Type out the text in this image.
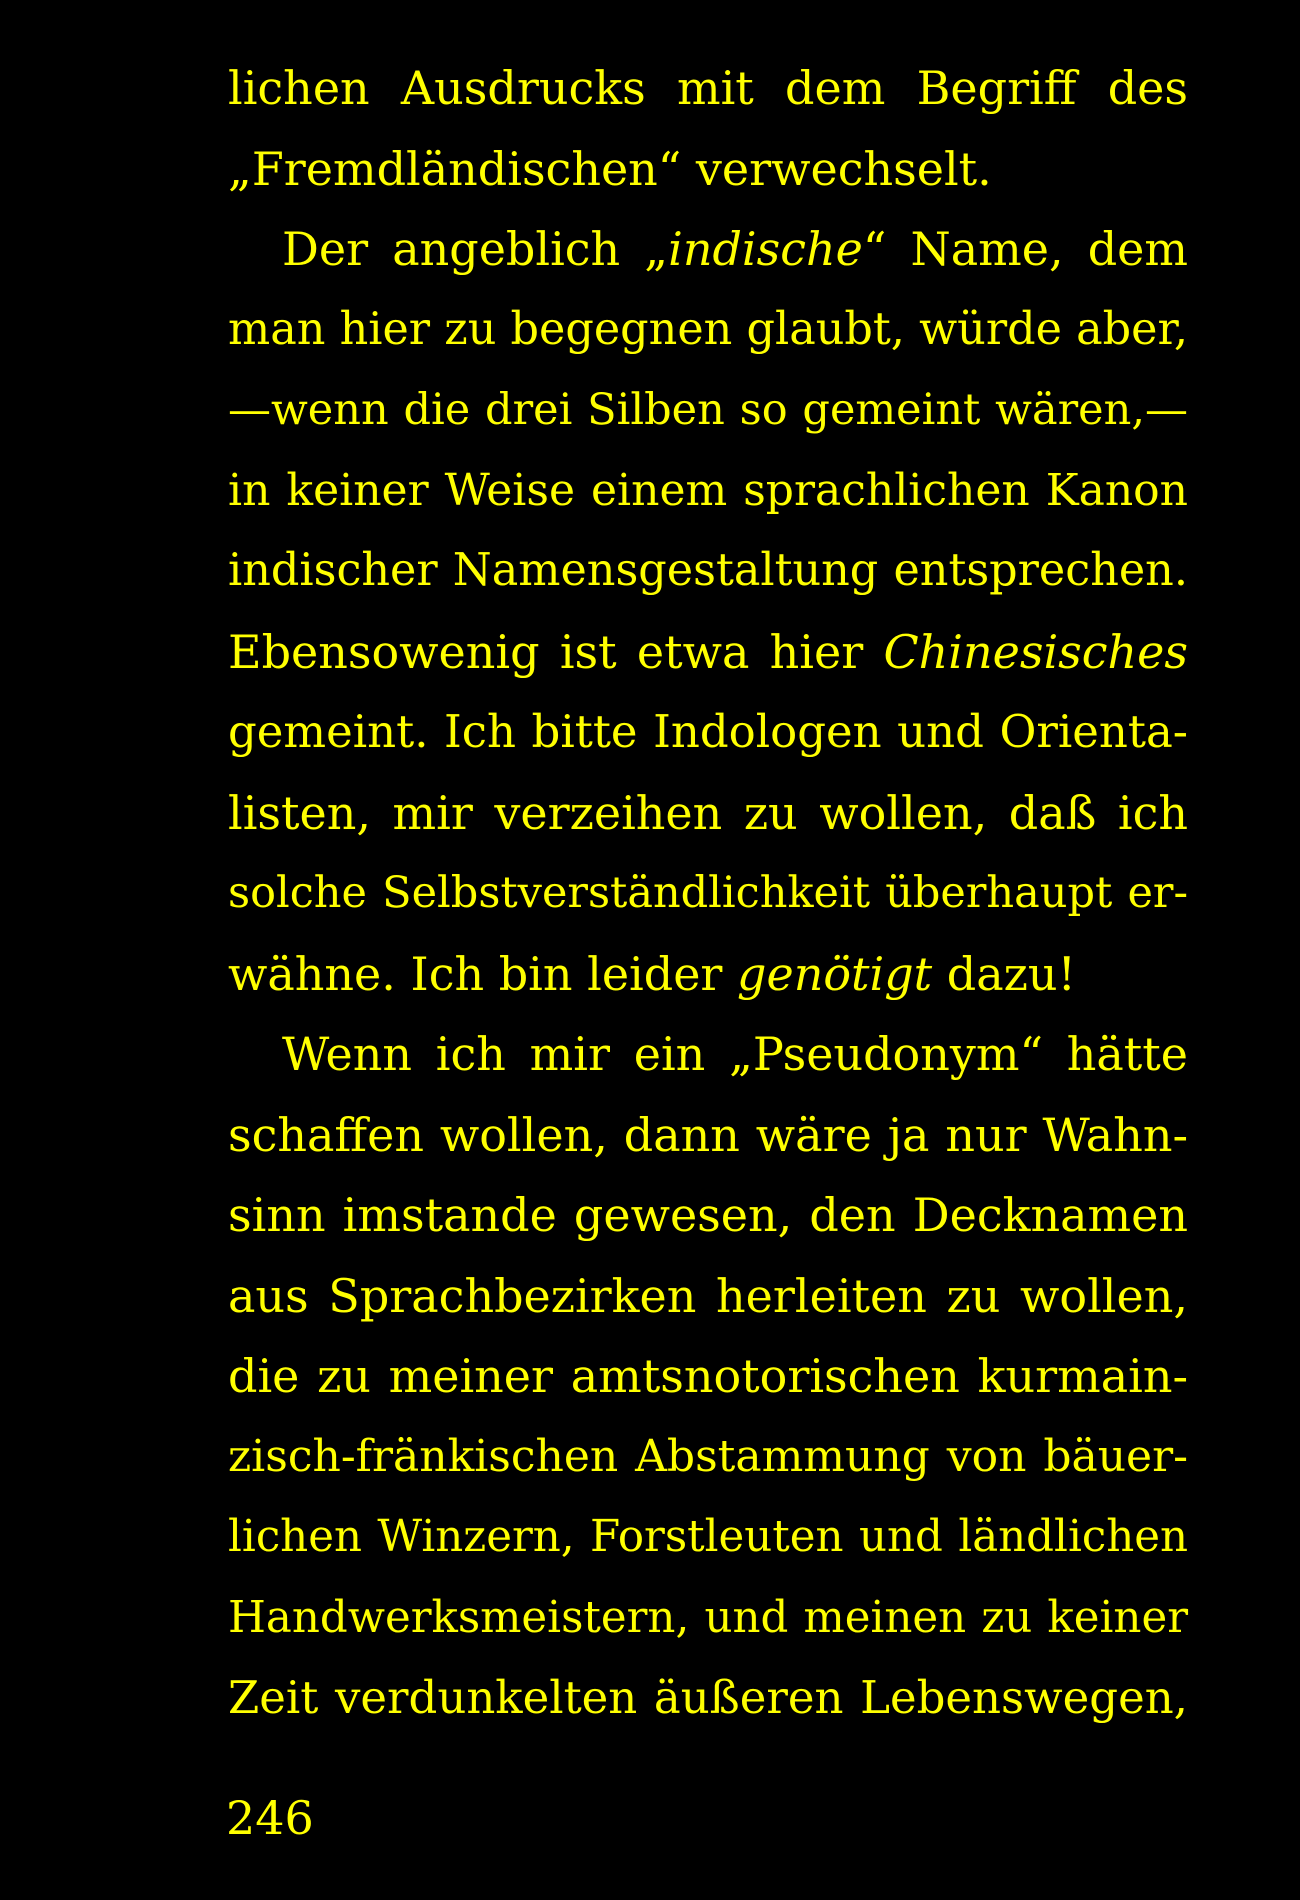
lichen Ausdrucks mit dem Begriff des
„Fremdländischen“ verwechselt.
Der angeblich „indische“ Name, dem
man hier zu begegnen glaubt, würde aber,
—wenn die drei Silben so gemeint wären,—
in keiner Weise einem sprachlichen Kanon
indischer Namensgestaltung entsprechen.
Ebensowenig ist etwa hier Chinesisches
gemeint. Ich bitte Indologen und Orienta-
listen, mir verzeihen zu wollen, daß ich
solche Selbstverständlichkeit überhaupt er-
wähne. Ich bin leider genötigt dazu!
Wenn ich mir ein „Pseudonym“ hätte
schaffen wollen, dann wäre ja nur Wahn-
sinn imstande gewesen, den Decknamen
aus Sprachbezirken herleiten zu wollen,
die zu meiner amtsnotorischen kurmain-
zisch-fränkischen Abstammung von bäuer-
lichen Winzern, Forstleuten und ländlichen
Handwerksmeistern, und meinen zu keiner
Zeit verdunkelten äußeren Lebenswegen,
246
